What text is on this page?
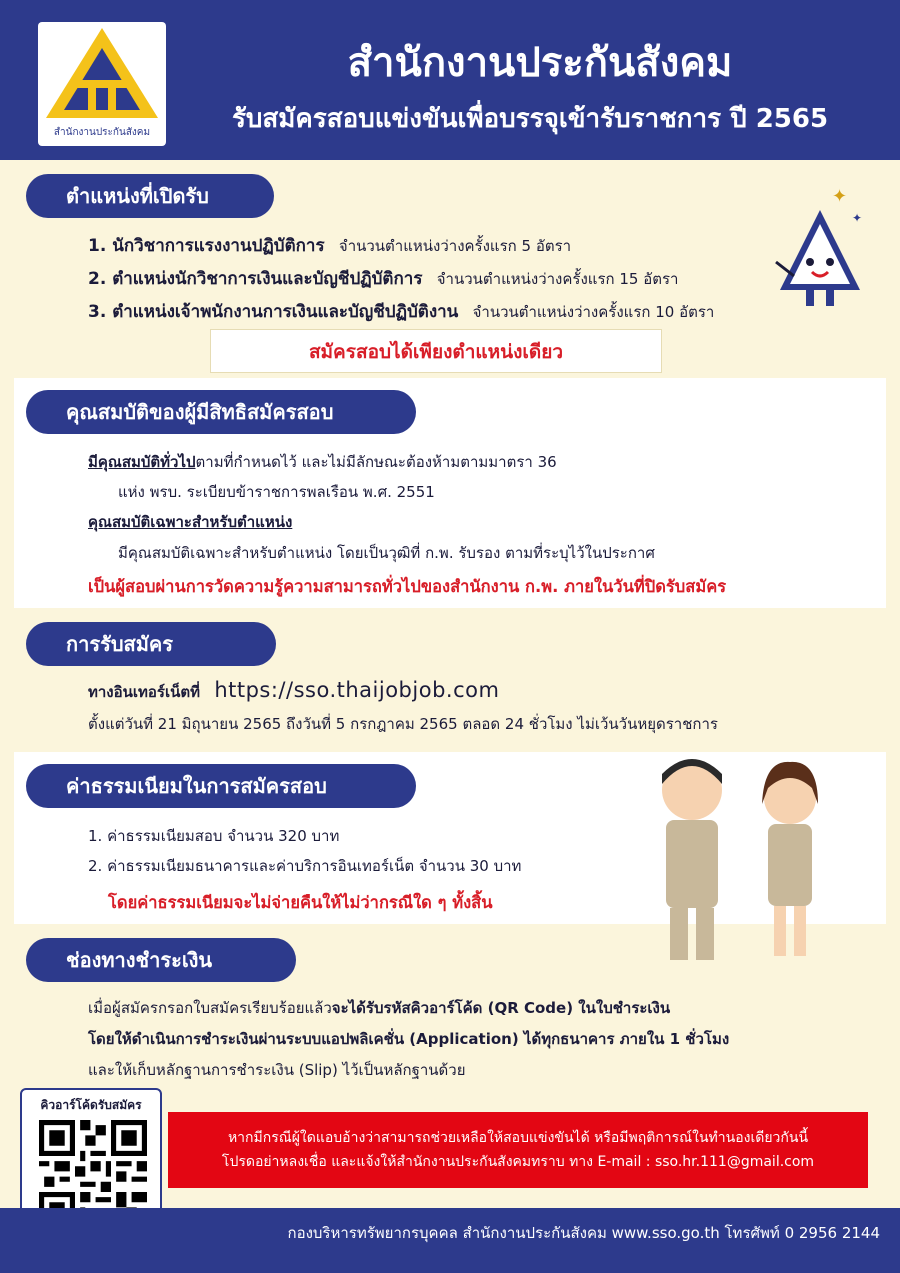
สำนักงานประกันสังคม
สำนักงานประกันสังคม
รับสมัครสอบแข่งขันเพื่อบรรจุเข้ารับราชการ ปี 2565
ตำแหน่งที่เปิดรับ
1. นักวิชาการแรงงานปฏิบัติการ จำนวนตำแหน่งว่างครั้งแรก 5 อัตรา
2. ตำแหน่งนักวิชาการเงินและบัญชีปฏิบัติการ จำนวนตำแหน่งว่างครั้งแรก 15 อัตรา
3. ตำแหน่งเจ้าพนักงานการเงินและบัญชีปฏิบัติงาน จำนวนตำแหน่งว่างครั้งแรก 10 อัตรา
✦
✦
สมัครสอบได้เพียงตำแหน่งเดียว
คุณสมบัติของผู้มีสิทธิสมัครสอบ
มีคุณสมบัติทั่วไปตามที่กำหนดไว้ และไม่มีลักษณะต้องห้ามตามมาตรา 36
แห่ง พรบ. ระเบียบข้าราชการพลเรือน พ.ศ. 2551
คุณสมบัติเฉพาะสำหรับตำแหน่ง
มีคุณสมบัติเฉพาะสำหรับตำแหน่ง โดยเป็นวุฒิที่ ก.พ. รับรอง ตามที่ระบุไว้ในประกาศ
เป็นผู้สอบผ่านการวัดความรู้ความสามารถทั่วไปของสำนักงาน ก.พ. ภายในวันที่ปิดรับสมัคร
การรับสมัคร
ทางอินเทอร์เน็ตที่ https://sso.thaijobjob.com
ตั้งแต่วันที่ 21 มิถุนายน 2565 ถึงวันที่ 5 กรกฎาคม 2565 ตลอด 24 ชั่วโมง ไม่เว้นวันหยุดราชการ
ค่าธรรมเนียมในการสมัครสอบ
1. ค่าธรรมเนียมสอบ จำนวน 320 บาท
2. ค่าธรรมเนียมธนาคารและค่าบริการอินเทอร์เน็ต จำนวน 30 บาท
โดยค่าธรรมเนียมจะไม่จ่ายคืนให้ไม่ว่ากรณีใด ๆ ทั้งสิ้น
ช่องทางชำระเงิน
เมื่อผู้สมัครกรอกใบสมัครเรียบร้อยแล้วจะได้รับรหัสคิวอาร์โค้ด (QR Code) ในใบชำระเงิน
โดยให้ดำเนินการชำระเงินผ่านระบบแอปพลิเคชั่น (Application) ได้ทุกธนาคาร ภายใน 1 ชั่วโมง
และให้เก็บหลักฐานการชำระเงิน (Slip) ไว้เป็นหลักฐานด้วย
คิวอาร์โค้ดรับสมัคร
หากมีกรณีผู้ใดแอบอ้างว่าสามารถช่วยเหลือให้สอบแข่งขันได้ หรือมีพฤติการณ์ในทำนองเดียวกันนี้
โปรดอย่าหลงเชื่อ และแจ้งให้สำนักงานประกันสังคมทราบ ทาง E-mail : sso.hr.111@gmail.com
กองบริหารทรัพยากรบุคคล สำนักงานประกันสังคม www.sso.go.th โทรศัพท์ 0 2956 2144
